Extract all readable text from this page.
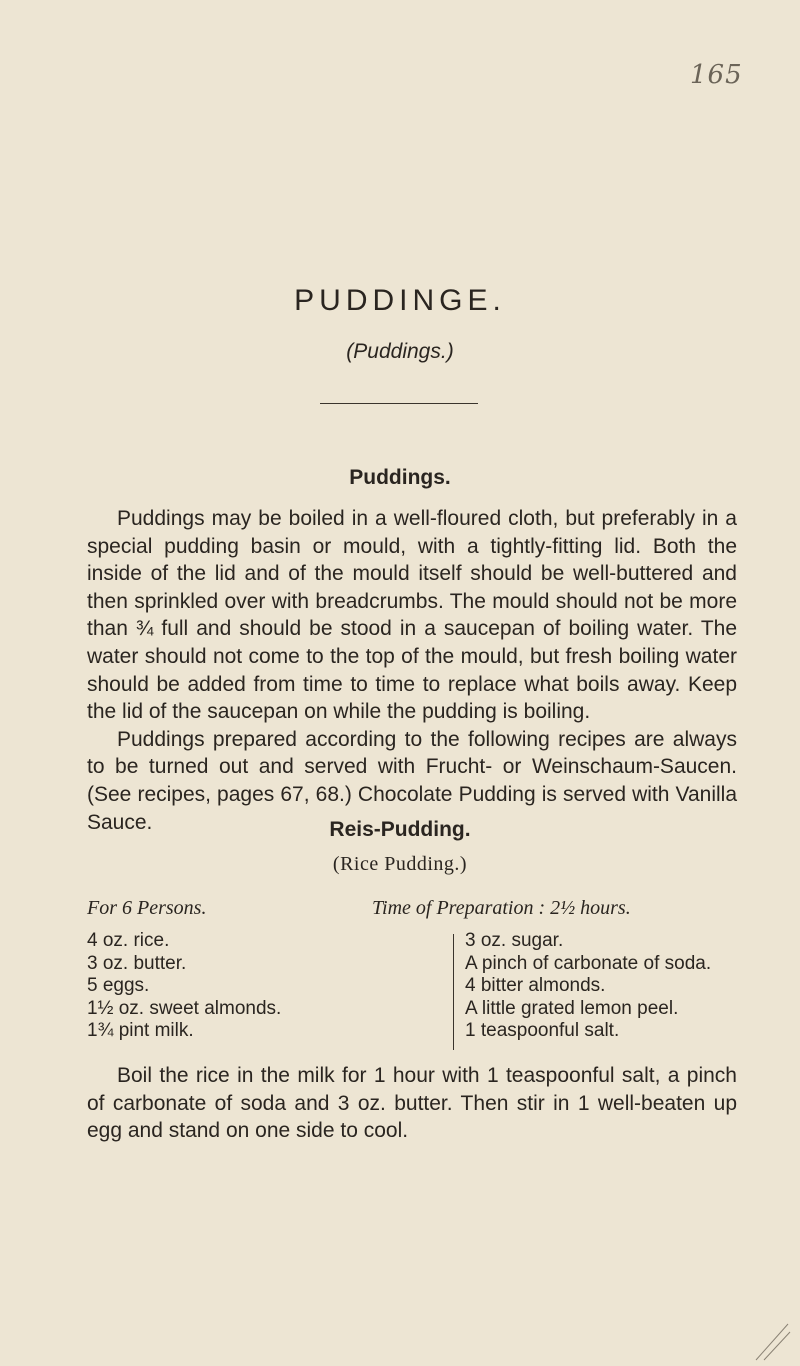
165
PUDDINGE.
(Puddings.)
Puddings.

Puddings may be boiled in a well-floured cloth, but preferably in a special pudding basin or mould, with a tightly-fitting lid. Both the inside of the lid and of the mould itself should be well-buttered and then sprinkled over with breadcrumbs. The mould should not be more than ¾ full and should be stood in a saucepan of boiling water. The water should not come to the top of the mould, but fresh boiling water should be added from time to time to replace what boils away. Keep the lid of the saucepan on while the pudding is boiling.

Puddings prepared according to the following recipes are always to be turned out and served with Frucht- or Weinschaum-Saucen. (See recipes, pages 67, 68.) Chocolate Pudding is served with Vanilla Sauce.	Reis-Pudding.
(Rice Pudding.)
For 6 Persons.	Time of Preparation : 2½ hours.
4 oz. rice.
3 oz. butter.
5 eggs.
1½ oz. sweet almonds.
1¾ pint milk.
3 oz. sugar.
A pinch of carbonate of soda.
4 bitter almonds.
A little grated lemon peel.
1 teaspoonful salt.

Boil the rice in the milk for 1 hour with 1 teaspoonful salt, a pinch of carbonate of soda and 3 oz. butter. Then stir in 1 well-beaten up egg and stand on one side to cool.
